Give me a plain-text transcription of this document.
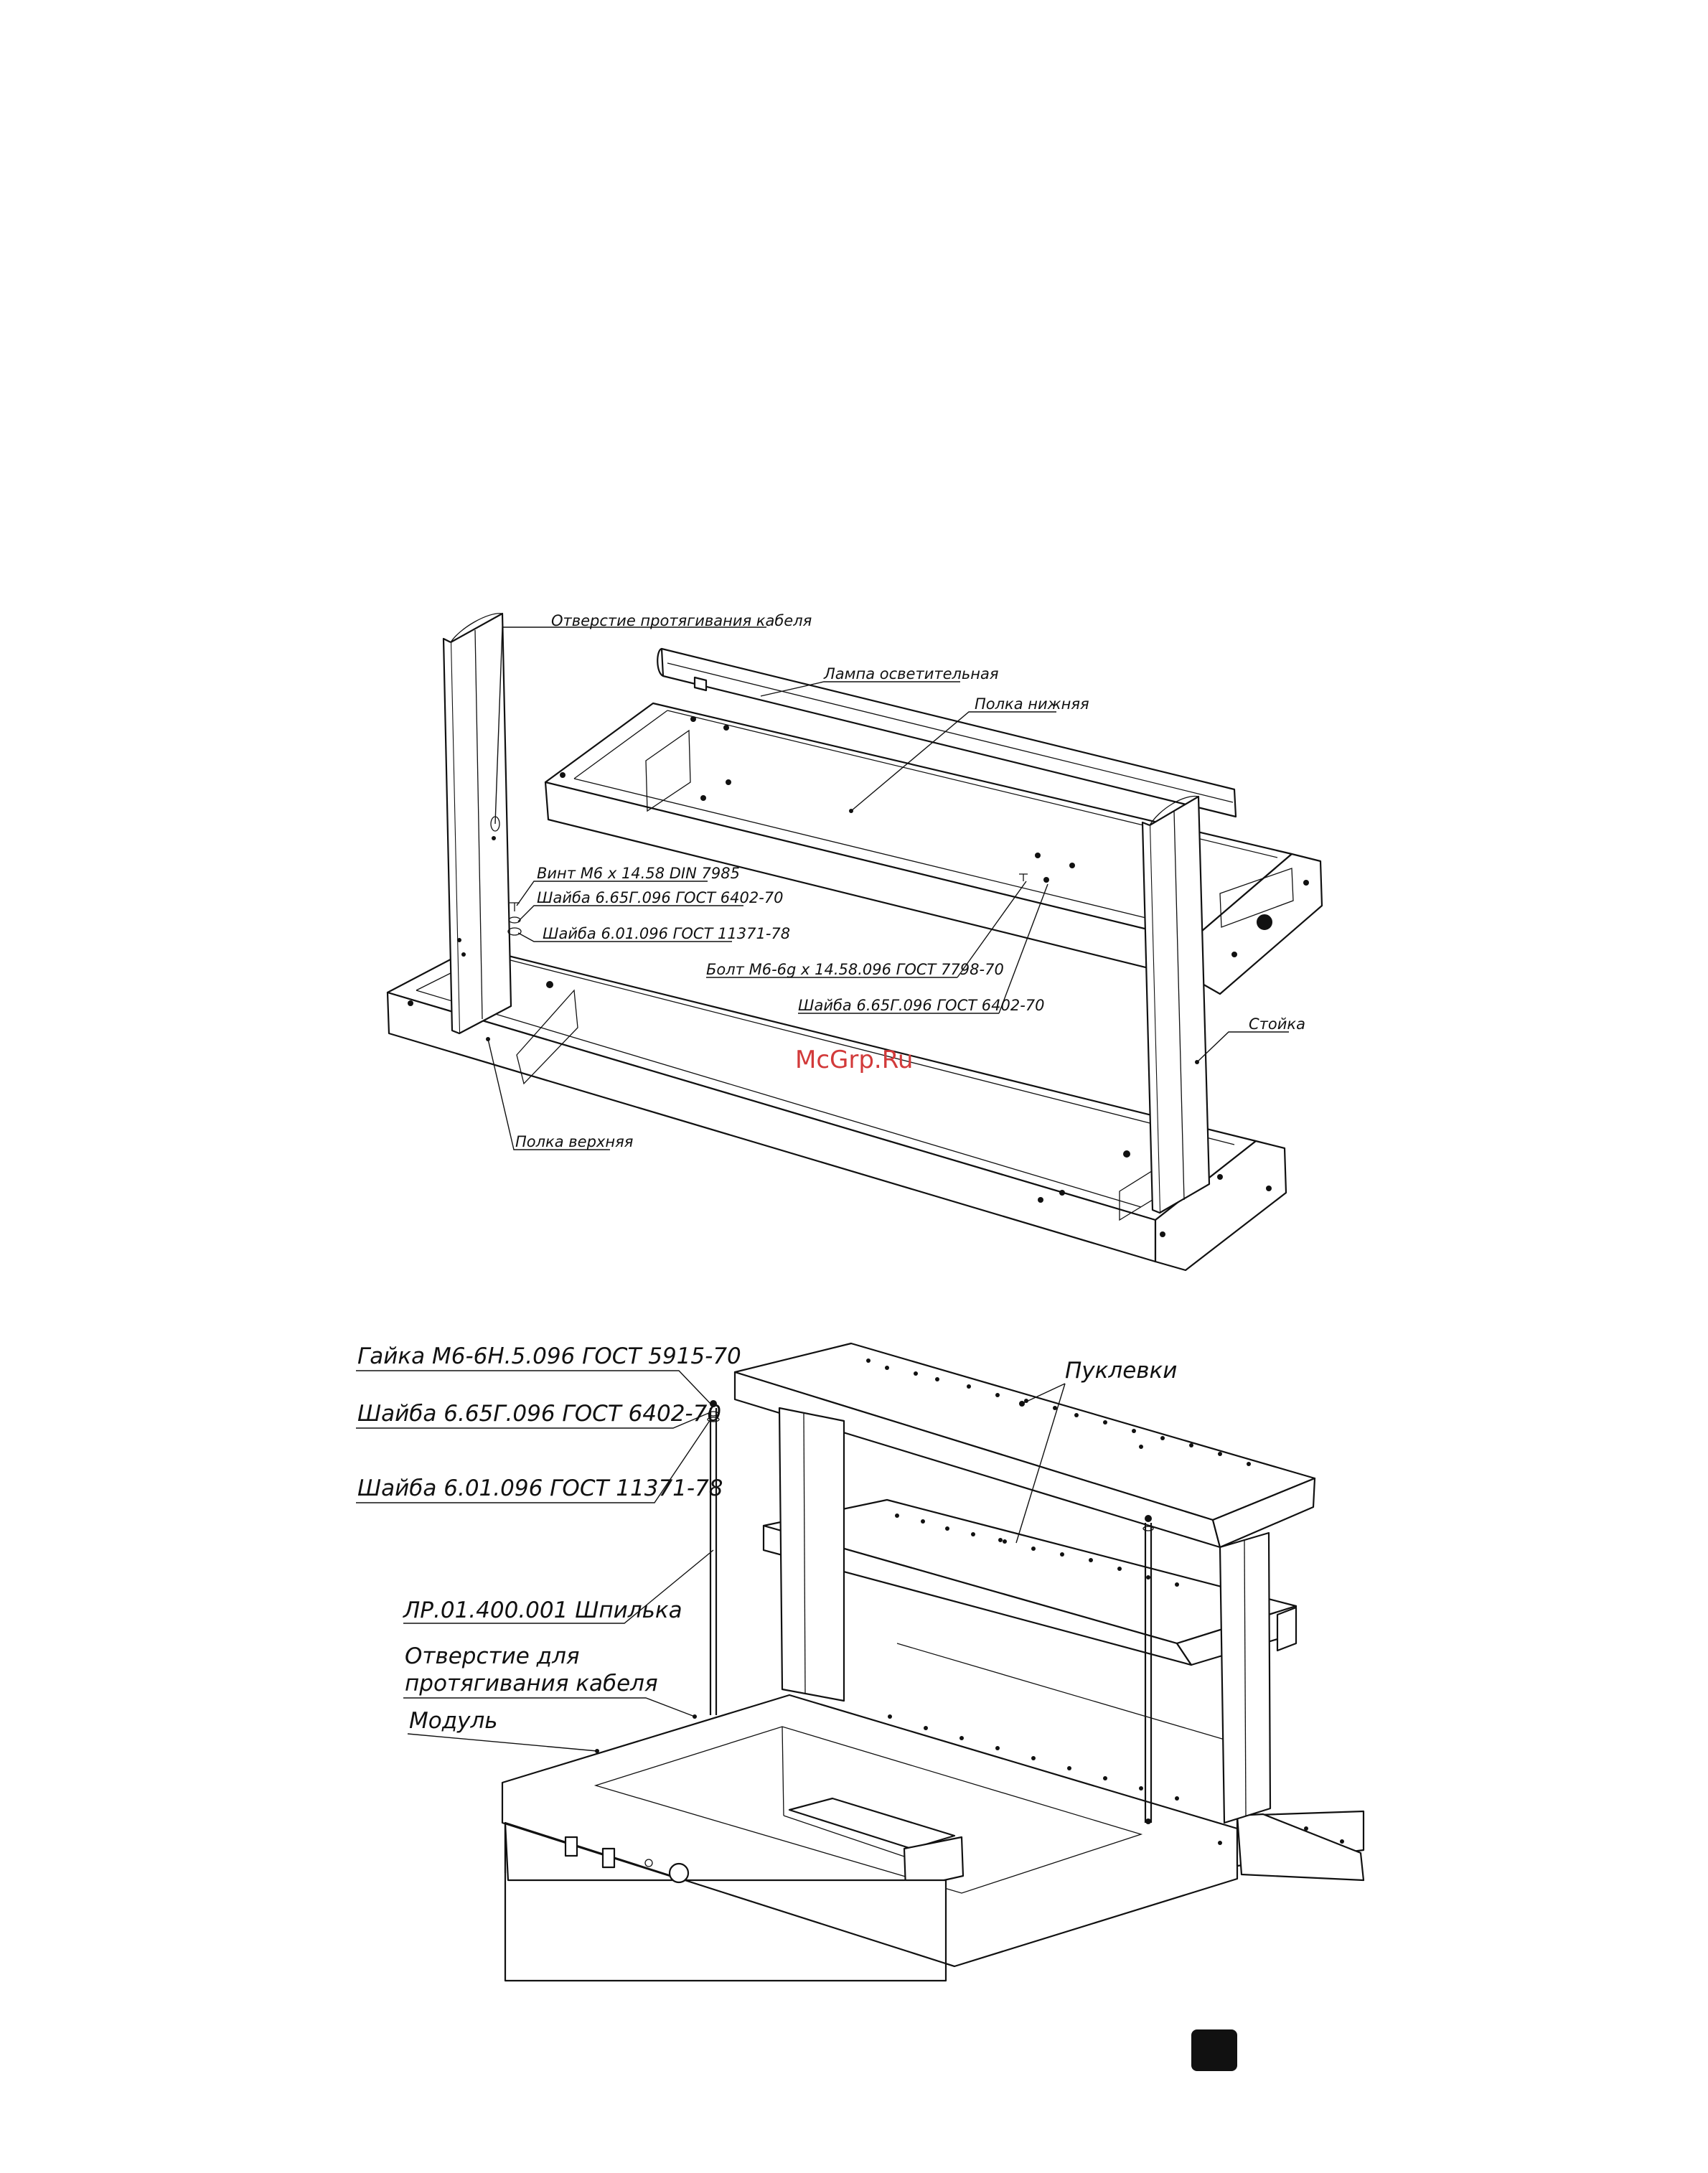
Отверстие протягивания кабеля
Лампа осветительная
Полка нижняя
Винт М6 х 14.58 DIN 7985
Шайба 6.65Г.096 ГОСТ 6402-70
Шайба 6.01.096 ГОСТ 11371-78
Болт М6-6g х 14.58.096 ГОСТ 7798-70
Шайба 6.65Г.096 ГОСТ 6402-70
Стойка
Полка верхняя
McGrp.Ru
Гайка М6-6Н.5.096 ГОСТ 5915-70
Шайба 6.65Г.096 ГОСТ 6402-70
Шайба 6.01.096 ГОСТ 11371-78
ЛР.01.400.001 Шпилька
Отверстие для
протягивания кабеля
Модуль
Пуклевки
